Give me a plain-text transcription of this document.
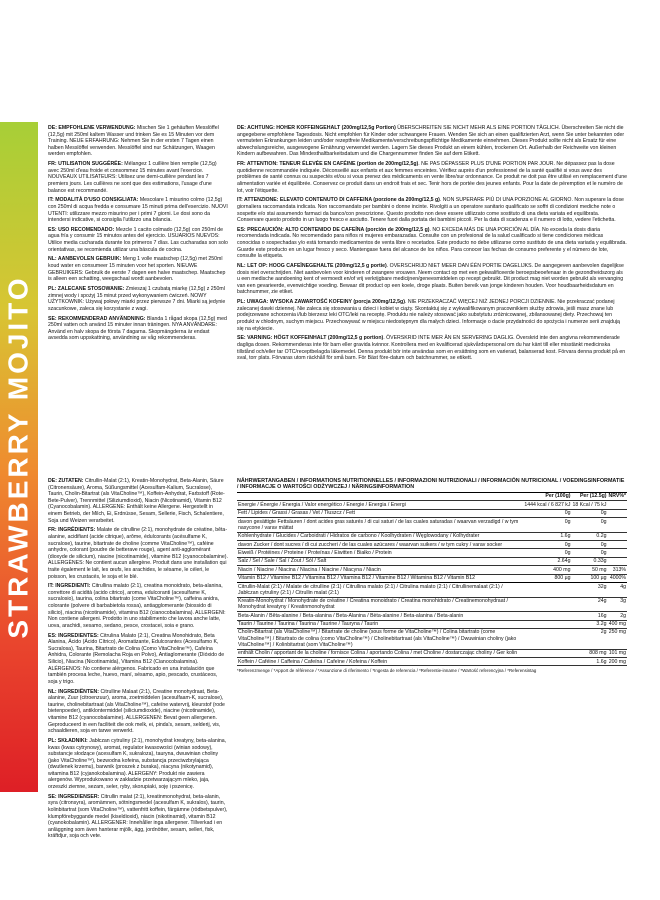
STRAWBERRY MOJITO

DE: EMPFOHLENE VERWENDUNG: Mischen Sie 1 gehäuften Messlöffel (12,5g) mit 250ml kaltem Wasser und trinken Sie es 15 Minuten vor dem Training. NEUE ERFAHRUNG: Nehmen Sie in der ersten 7 Tagen einen halben Messlöffel verwenden. Messlöffel sind nur Schätzungen, Waagen werden empfohlen.

FR: UTILISATION SUGGÉRÉE: Mélangez 1 cuillère bien remplie (12,5g) avec 250ml d'eau froide et consommez 15 minutes avant l'exercice. NOUVEAUX UTILISATEURS: Utilisez une demi-cuillère pendant les 7 premiers jours. Les cuillères ne sont que des estimations, l'usage d'une balance est recommandé.

IT: MODALITÀ D'USO CONSIGLIATA: Mescolare 1 misurino colmo (12,5g) con 250ml di acqua fredda e consumare 15 minuti prima dell'esercizio. NUOVI UTENTI: utilizzare mezzo misurino per i primi 7 giorni. Le dosi sono da intendersi indicative, si consiglia l'utilizzo una bilancia.

ES: USO RECOMENDADO: Mezcle 1 cacito colmado (12,5g) con 250ml de agua fría y consumir 15 minutos antes del ejercicio. USUARIOS NUEVOS: Utilice media cucharada durante los primeros 7 días. Las cucharadas son solo orientativas, se recomienda utilizar una báscula de cocina.

NL: AANBEVOLEN GEBRUIK: Meng 1 volle maatschep (12,5g) met 250ml koud water en consumeer 15 minuten voor het sporten. NIEUWE GEBRUIKERS: Gebruik de eerste 7 dagen een halve maatschep. Maatschep is alleen een schatting, weegschaal wordt aanbevolen.

PL: ZALECANE STOSOWANIE: Zmieszaj 1 czubatą miarkę (12,5g) z 250ml zimnej wody i spożyj 15 minut przed wykonywaniem ćwiczeń. NOWY UŻYTKOWNIK: Używaj połowy miarki przez pierwsze 7 dni. Miarki są jedynie szacunkowe, zaleca się korzystanie z wagi.

SE: REKOMMENDERAD ANVÄNDNING: Blanda 1 rågad skopa (12,5g) med 250ml vatten och använd 15 minuter innan träningen. NYA ANVÄNDARE: Använd en halv skopa de första 7 dagarna. Skopmängderna är endast avsedda som uppskattning, användning av våg rekommenderas.

DE: ACHTUNG: HOHER KOFFEINGEHALT (200mg/12,5g Portion) ÜBERSCHREITEN SIE NICHT MEHR ALS EINE PORTION TÄGLICH. Überschreiten Sie nicht die angegebene empfohlene Tagesdosis. Nicht empfohlen für Kinder oder schwangere Frauen. Wenden Sie sich an einen qualifizierten Arzt, wenn Sie unter bekannten oder vermuteten Erkrankungen leiden und/oder rezeptfreie Medikamente/verschreibungspflichtige Medikamente einnehmen. Dieses Produkt sollte nicht als Ersatz für eine abwechslungsreiche, ausgewogene Ernährung verwendet werden. Lagern Sie dieses Produkt an einem kühlen, trockenen Ort. Außerhalb der Reichweite von kleinen Kindern aufbewahren. Das Mindesthaltbarkeitsdatum und die Chargennummer finden Sie auf dem Etikett.

FR: ATTENTION: TENEUR ÉLEVÉE EN CAFÉINE (portion de 200mg/12,5g). NE PAS DÉPASSER PLUS D'UNE PORTION PAR JOUR. Ne dépassez pas la dose quotidienne recommandée indiquée. Déconseillé aux enfants et aux femmes enceintes. Vérifiez auprès d'un professionnel de la santé qualifié si vous avez des problèmes de santé connus ou suspectés et/ou si vous prenez des médicaments en vente libre/sur ordonnance. Ce produit ne doit pas être utilisé en remplacement d'une alimentation variée et équilibrée. Conservez ce produit dans un endroit frais et sec. Tenir hors de portée des jeunes enfants. Pour la date de péremption et le numéro de lot, voir l'étiquette.

IT: ATTENZIONE: ELEVATO CONTENUTO DI CAFFEINA (porzione da 200mg/12,5 g). NON SUPERARE PIÙ DI UNA PORZIONE AL GIORNO. Non superare la dose giornaliera raccomandata indicata. Non raccomandato per bambini o donne incinte. Rivolgiti a un operatore sanitario qualificato se soffri di condizioni mediche note o sospette e/o stai assumendo farmaci da banco/con prescrizione. Questo prodotto non deve essere utilizzato come sostituto di una dieta variata ed equilibrata. Conservare questo prodotto in un luogo fresco e asciutto. Tenere fuori dalla portata dei bambini piccoli. Per la data di scadenza e il numero di lotto, vedere l'etichetta.

ES: PRECAUCIÓN: ALTO CONTENIDO DE CAFEÍNA (porción de 200mg/12,5 g). NO EXCEDA MÁS DE UNA PORCIÓN AL DÍA. No exceda la dosis diaria recomendada indicada. No recomendado para niños ni mujeres embarazadas. Consulte con un profesional de la salud cualificado si tiene condiciones médicas conocidas o sospechadas y/o está tomando medicamentos de venta libre o recetados. Este producto no debe utilizarse como sustituto de una dieta variada y equilibrada. Guarde este producto en un lugar fresco y seco. Mantengase fuera del alcance de los niños. Para conocer las fechas de consumo preferente y el número de lote, consulte la etiqueta.

NL: LET OP: HOOG CAFEÏNEGEHALTE (200mg/12,5 g portie). OVERSCHRIJD NIET MEER DAN ÉÉN PORTIE DAGELIJKS. De aangegeven aanbevolen dagelijkse dosis niet overschrijden. Niet aanbevolen voor kinderen of zwangere vrouwen. Neem contact op met een gekwalificeerde beroepsbeoefenaar in de gezondheidszorg als u een medische aandoening kent of vermoedt en/of vrij verkrijgbare medicijnen/geneesmiddelen op recept gebruikt. Dit product mag niet worden gebruikt als vervanging van een gevarieerde, evenwichtige voeding. Bewaar dit product op een koele, droge plaats. Buiten bereik van jonge kinderen houden. Voor houdbaarheidsdatum en batchnummer, zie etiket.

PL: UWAGA: WYSOKA ZAWARTOŚĆ KOFEINY (porcja 200mg/12,5g). NIE PRZEKRACZAĆ WIĘCEJ NIŻ JEDNEJ PORCJI DZIENNIE. Nie przekraczać podanej zalecanej dawki dziennej. Nie zaleca się stosowania u dzieci i kobiet w ciąży. Skontaktuj się z wykwalifikowanym pracownikiem służby zdrowia, jeśli masz znane lub podejrzewane schorzenia i/lub bierzesz leki OTC/leki na receptę. Produktu nie należy stosować jako substytutu zróżnicowanej, zbilansowanej diety. Przechowuj ten produkt w chłodnym, suchym miejscu. Przechowywać w miejscu niedostępnym dla małych dzieci. Informacje o dacie przydatności do spożycia i numerze serii znajdują się na etykiecie.

SE: VARNING: HÖGT KOFFEINHALT (200mg/12,5 g portion). ÖVERSKRID INTE MER ÄN EN SERVERING DAGLIG. Överskrid inte den angivna rekommenderade dagliga dosen. Rekommenderas inte för barn eller gravida kvinnor. Kontrollera med en kvalificerad sjukvårdspersonal om du har känt till eller misstänkt medicinska tillstånd och/eller tar OTC/receptbelagda läkemedel. Denna produkt bör inte användas som en ersättning som en varierad, balanserad kost. Förvara denna produkt på en sval, torr plats. Förvaras utom räckhåll för små barn. För Bäst före-datum och batchnummer, se etikett.

DE: ZUTATEN: Citrullin-Malat (2:1), Kreatin-Monohydrat, Beta-Alanin, Säure (Citronensäure), Aroma, Süßungsmittel (Acesulfam-Kalium, Sucralose), Taurin, Cholin-Bitartrat (als VitaCholine™), Koffein-Anhydrat, Farbstoff (Rote-Bete-Pulver), Trennmittel (Siliziumdioxid), Niacin (Nicotinamid), Vitamin B12 (Cyanocobalamin). ALLERGENE: Enthält keine Allergene. Hergestellt in einem Betrieb, der Milch, Ei, Erdnüsse, Sesam, Sellerie, Fisch, Schalentiere, Soja und Weizen verarbeitet.

FR: INGRÉDIENTS: Malate de citrulline (2:1), monohydrate de créatine, bêta-alanine, acidifiant (acide citrique), arôme, édulcorants (acésulfame K, sucralose), taurine, bitartrate de choline (comme VitaCholine™), caféine anhydre, colorant (poudre de betterave rouge), agent anti-agglomérant (dioxyde de silicium), niacine (nicotinamide), vitamine B12 (cyanocobalamine). ALLERGÈNES: Ne contient aucun allergène. Produit dans une installation qui traite également le lait, les œufs, les arachides, le sésame, le céleri, le poisson, les crustacés, le soja et le blé.

IT: INGREDIENTI: Citrullina malato (2:1), creatina monoidrato, beta-alanina, correttore di acidità (acido citrico), aroma, edulcoranti (acesulfame K, sucralosio), taurina, colina bitartrato (come VitaCholine™), caffeina anidra, colorante (polvere di barbabietola rossa), antiagglomerante (biossido di silicio), niacina (nicotinamide), vitamina B12 (cianocobalamina). ALLERGENI: Non contiene allergeni. Prodotto in uno stabilimento che lavora anche latte, uova, arachidi, sesamo, sedano, pesce, crostacei, soia e grano.

ES: INGREDIENTES: Citrulina Malato (2:1), Creatina Monohidrato, Beta Alanina, Ácido (Ácido Cítrico), Aromatizante, Edulcorantes (Acesulfamo K, Sucralosa), Taurina, Bitartrato de Colina (Como VitaCholine™), Cafeína Anhidra, Colorante (Remolacha Roja en Polvo), Antiaglomerante (Dióxido de Silicio), Niacina (Nicotinamida), Vitamina B12 (Cianocobalamina). ALÉRGENOS: No contiene alérgenos. Fabricado en una instalación que también procesa leche, huevo, maní, sésamo, apio, pescado, crustáceos, soja y trigo.

NL: INGREDIËNTEN: Citrulline Malaat (2:1), Creatine monohydraat, Beta-alanine, Zuur (citroenzuur), aroma, zoetmiddelen (acesulfaam-K, sucralose), taurine, cholinebitartraat (als VitaCholine™), cafeïne watervrij, kleurstof (rode bietenpoeder), antiklontermiddel (siliciumdioxide), niacine (nicotinamide), vitamine B12 (cyanocobalamine). ALLERGENEN: Bevat geen allergenen. Geproduceerd in een faciliteit die ook melk, ei, pinda's, sesam, selderij, vis, schaaldieren, soja en tarwe verwerkt.

PL: SKŁADNIKI: Jabłczan cytruliny (2:1), monohydrat kreatyny, beta-alanina, kwas (kwas cytrynowy), aromat, regulator kwasowości (winian sodowy), substancje słodzące (acesulfam K, sukraloza), tauryna, dwuwinian choliny (jako VitaCholine™), bezwodna kofeina, substancja przeciwzbrylająca (dwutlenek krzemu), barwnik (proszek z buraka), niacyna (nikotynamid), witamina B12 (cyjanokobalamina). ALERGENY: Produkt nie zawiera alergenów. Wyprodukowano w zakładzie przetwarzającym mleko, jaja, orzeszki ziemne, sezam, seler, ryby, skorupiaki, soję i pszenicę.

SE: INGREDIENSER: Citrullin malat (2:1), kreatinmonohydrat, beta-alanin, syra (citronsyra), aromämnen, sötningsmedel (acesulfam K, sukralos), taurin, kolinbitartrat (som VitaCholine™), vattenfritt koffein, färgämne (rödbetspulver), klumpförebyggande medel (kiseldioxid), niacin (nikotinamid), vitamin B12 (cyanokobalamin). ALLERGENER: Innehåller inga allergener. Tillverkad i en anläggning som även hanterar mjölk, ägg, jordnötter, sesam, selleri, fisk, kräftdjur, soja och vete.

NÄHRWERTANGABEN / INFORMATIONS NUTRITIONNELLES / INFORMAZIONI NUTRIZIONALI / INFORMACIÓN NUTRICIONAL / VOEDINGSINFORMATIE / INFORMACJE O WARTOŚCI ODŻYWCZEJ / NÄRINGSINFORMATION
	Per (100g)	Per (12.5g)	NRV%*
Energie / Énergie / Energia / Valor energético / Energie / Energia / Energi	1444 kcal / 6 827 kJ	18 Kcal / 75 kJ	
Fett / Lipides / Grassi / Grasas / Vet / Tłuszcz / Fett	0g	0g	
davon gesättigte Fettsäuren / dont acides gras saturés / di cui saturi / de las cuales saturadas / waarvan verzadigd / w tym nasycone / varav mättat	0g	0g	
Kohlenhydrate / Glucides / Carboidrati / Hidratos de carbono / Koolhydraten / Węglowodany / Kolhydrater	1.6g	0.2g	
davon Zucker / dont sucres / di cui zuccheri / de las cuales azúcares / waarvan suikers / w tym cukry / varav socker	0g	0g	
Eiweiß / Protéines / Proteine / Proteínas / Eiwitten / Białko / Protein	0g	0g	
Salz / Sel / Sale / Sal / Zout / Sól / Salt	2.64g	0.33g	
Niacin / Niacine / Niacina / Niacina / Niacine / Niacyna / Niacin	400 mg	50 mg	313%
Vitamin B12 / Vitamine B12 / Vitamina B12 / Vitamina B12 / Vitamine B12 / Witamina B12 / Vitamin B12	800 µg	100 µg	4000%
Citrullin-Malat (2:1) / Malate de citrulline (2:1) / Citrullina malato (2:1) / Citrulina malato (2:1) / Citrullinemalaat (2:1) / Jabłczan cytruliny (2:1) / Citrullin malat (2:1)		32g	4g
Kreatin-Monohydrat / Monohydrate de créatine / Creatina monoidrato / Creatina monohidrato / Creatinemonohydraat / Monohydrat kreatyny / Kreatinmonohydrat		24g	3g
Beta-Alanin / Bêta-alanine / Beta-alanina / Beta-Alanina / Bèta-alanine / Beta-alanina / Beta-alanin		16g	2g
Taurin / Taurine / Taurina / Taurina / Taurine / Tauryna / Taurin		3.2g	400 mg
Cholin-Bitartrat (als VitaCholine™) / Bitartrate de choline (sous forme de VitaCholine™) / Colina bitartrato (come VitaCholine™) / Bitartrato de colina (como VitaCholine™) / Cholinebitartraat (als VitaCholine™) / Dwuwinian choliny (jako VitaCholine™) / Kolinbitartrat (som VitaCholine™)		2g	250 mg
enthält Cholin / apportant de la choline / fornisce Colina / aportando Colina / met Choline / dostarczając choliny / Ger kolin		808 mg	101 mg
Koffein / Caféine / Caffeina / Cafeína / Cafeïne / Kofeina / Koffein		1.6g	200 mg
*Referenzmenge / *Apport de référence / *Assunzione di riferimento / *Ingesta de referencia / *Referentie-inname / *Wartość referencyjna / *Referensintag
